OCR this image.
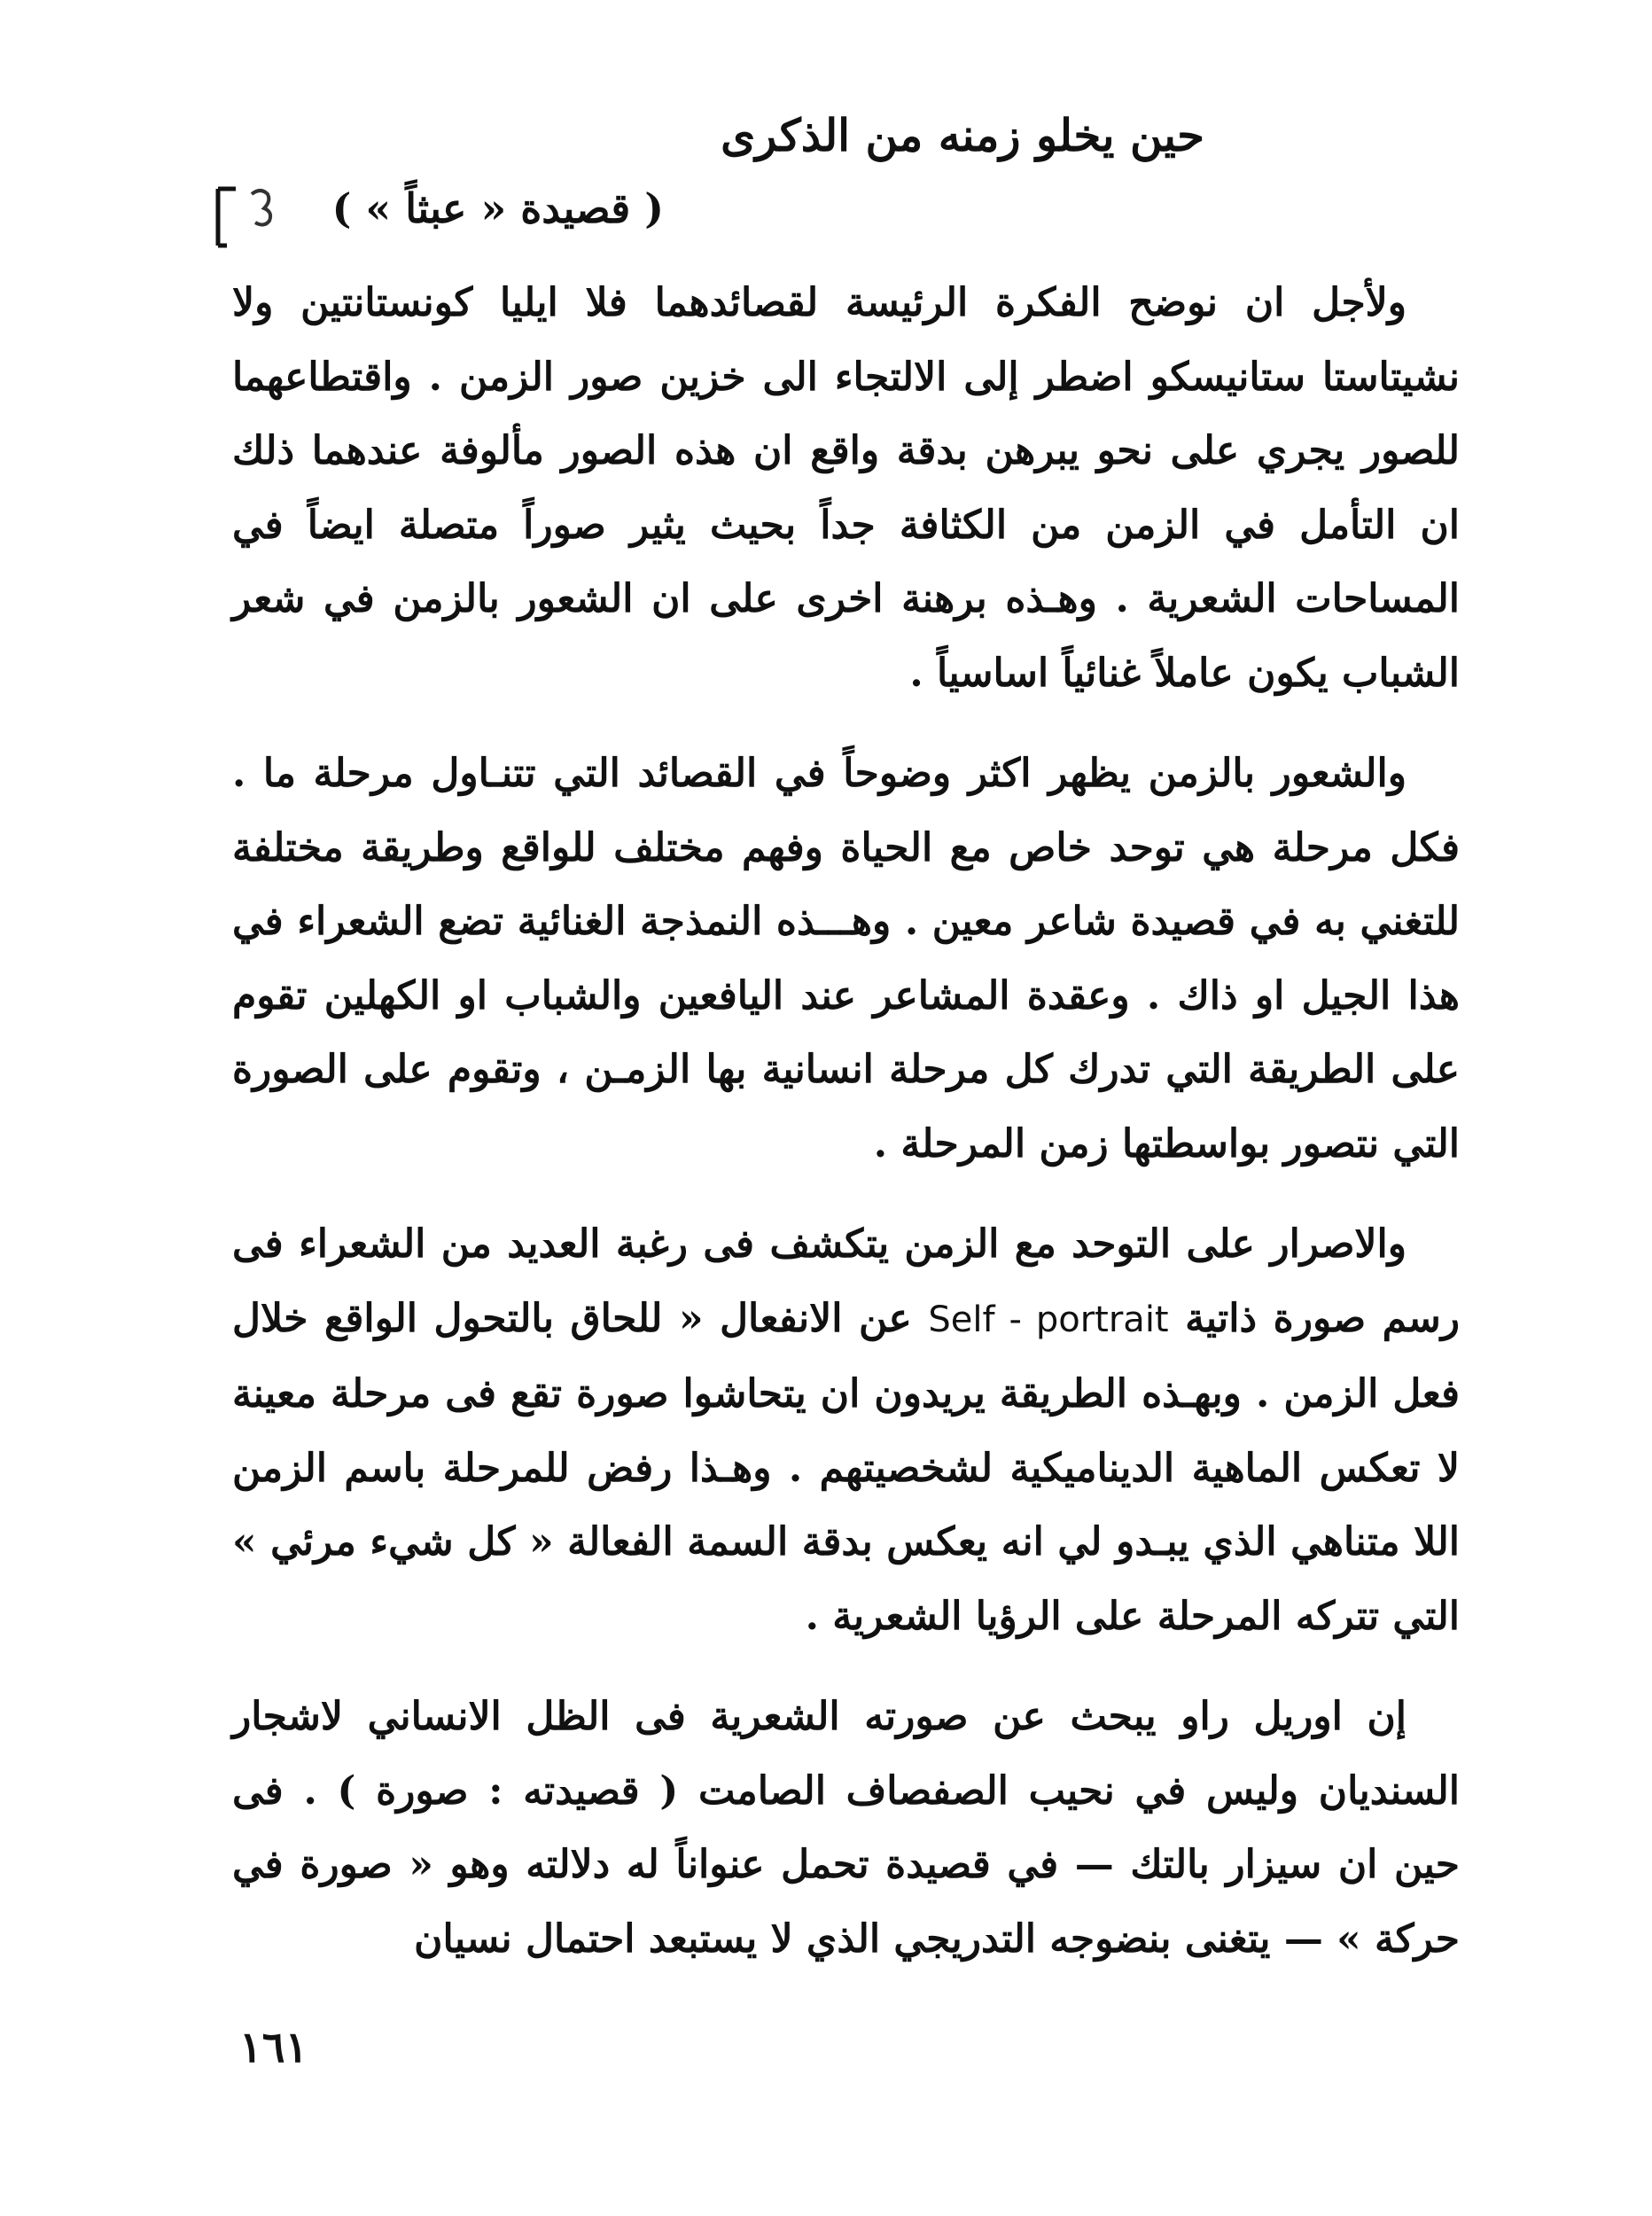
حين يخلو زمنه من الذكرى
( قصيدة « عبثاً » )

ولأجل ان نوضح الفكرة الرئيسة لقصائدهما فلا ايليا كونستانتين ولا نشيتاستا ستانيسكو اضطر إلى الالتجاء الى خزين صور الزمن . واقتطاعهما للصور يجري على نحو يبرهن بدقة واقع ان هذه الصور مألوفة عندهما ذلك ان التأمل في الزمن من الكثافة جداً بحيث يثير صوراً متصلة ايضاً في المساحات الشعرية . وهـذه برهنة اخرى على ان الشعور بالزمن في شعر الشباب يكون عاملاً غنائياً اساسياً .

والشعور بالزمن يظهر اكثر وضوحاً في القصائد التي تتنـاول مرحلة ما . فكل مرحلة هي توحد خاص مع الحياة وفهم مختلف للواقع وطريقة مختلفة للتغني به في قصيدة شاعر معين . وهـــذه النمذجة الغنائية تضع الشعراء في هذا الجيل او ذاك . وعقدة المشاعر عند اليافعين والشباب او الكهلين تقوم على الطريقة التي تدرك كل مرحلة انسانية بها الزمـن ، وتقوم على الصورة التي نتصور بواسطتها زمن المرحلة .

والاصرار على التوحد مع الزمن يتكشف فى رغبة العديد من الشعراء فى رسم صورة ذاتية Self - portrait عن الانفعال « للحاق بالتحول الواقع خلال فعل الزمن . وبهـذه الطريقة يريدون ان يتحاشوا صورة تقع فى مرحلة معينة لا تعكس الماهية الديناميكية لشخصيتهم . وهـذا رفض للمرحلة باسم الزمن اللا متناهي الذي يبـدو لي انه يعكس بدقة السمة الفعالة « كل شيء مرئي » التي تتركه المرحلة على الرؤيا الشعرية .

إن اوريل راو يبحث عن صورته الشعرية فى الظل الانساني لاشجار السنديان وليس في نحيب الصفصاف الصامت ( قصيدته : صورة ) . فى حين ان سيزار بالتك — في قصيدة تحمل عنواناً له دلالته وهو « صورة في حركة » — يتغنى بنضوجه التدريجي الذي لا يستبعد احتمال نسيان

١٦١
